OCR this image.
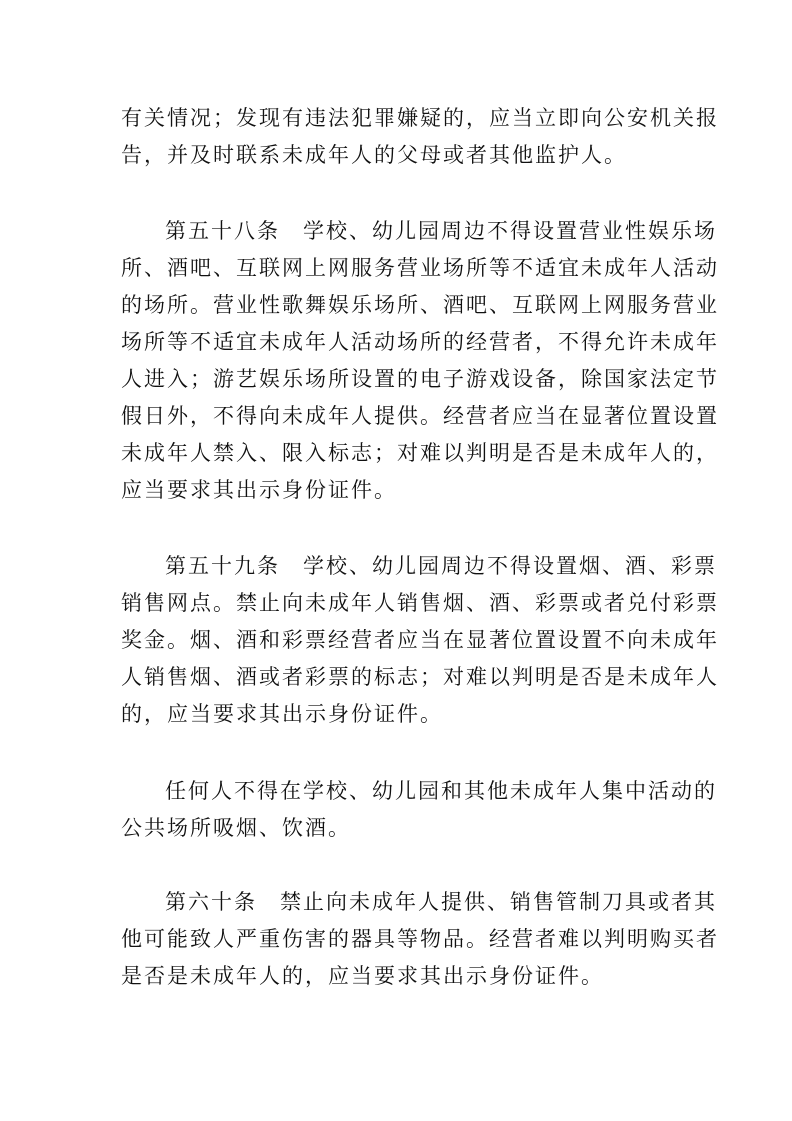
有关情况；发现有违法犯罪嫌疑的，应当立即向公安机关报
告，并及时联系未成年人的父母或者其他监护人。
第五十八条　学校、幼儿园周边不得设置营业性娱乐场
所、酒吧、互联网上网服务营业场所等不适宜未成年人活动
的场所。营业性歌舞娱乐场所、酒吧、互联网上网服务营业
场所等不适宜未成年人活动场所的经营者，不得允许未成年
人进入；游艺娱乐场所设置的电子游戏设备，除国家法定节
假日外，不得向未成年人提供。经营者应当在显著位置设置
未成年人禁入、限入标志；对难以判明是否是未成年人的，
应当要求其出示身份证件。
第五十九条　学校、幼儿园周边不得设置烟、酒、彩票
销售网点。禁止向未成年人销售烟、酒、彩票或者兑付彩票
奖金。烟、酒和彩票经营者应当在显著位置设置不向未成年
人销售烟、酒或者彩票的标志；对难以判明是否是未成年人
的，应当要求其出示身份证件。
任何人不得在学校、幼儿园和其他未成年人集中活动的
公共场所吸烟、饮酒。
第六十条　禁止向未成年人提供、销售管制刀具或者其
他可能致人严重伤害的器具等物品。经营者难以判明购买者
是否是未成年人的，应当要求其出示身份证件。
